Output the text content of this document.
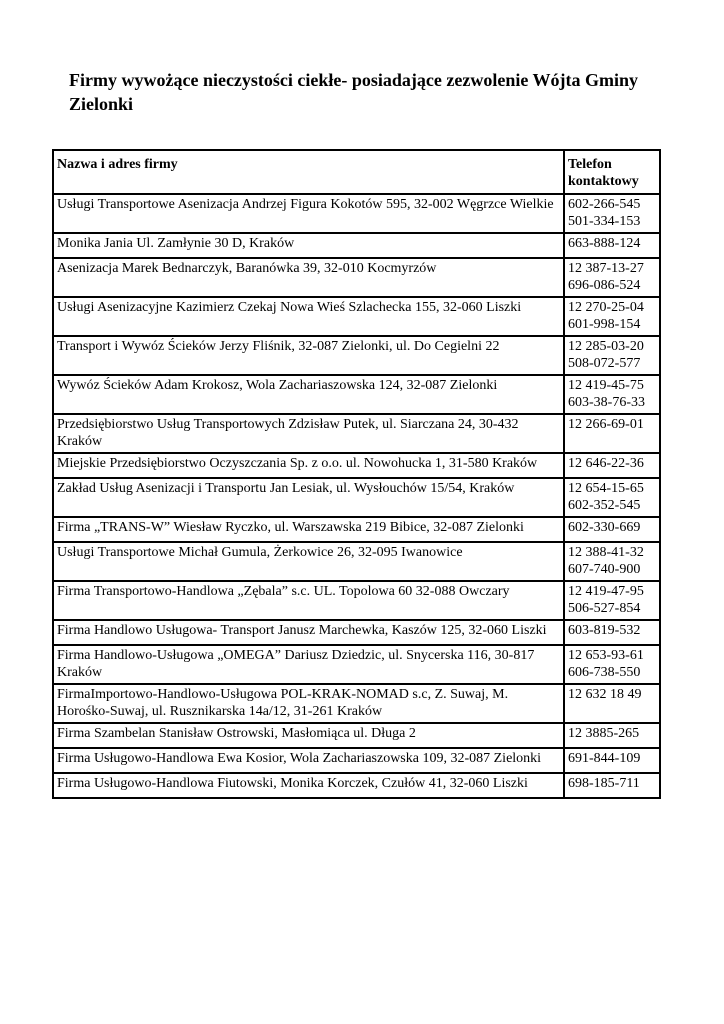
Firmy wywożące nieczystości ciekłe- posiadające zezwolenie Wójta Gminy Zielonki
Nazwa i adres firmy	Telefon kontaktowy
Usługi Transportowe Asenizacja Andrzej Figura Kokotów 595, 32-002 Węgrzce Wielkie	602-266-545
501-334-153

Monika Jania Ul. Zamłynie 30 D, Kraków	663-888-124

Asenizacja Marek Bednarczyk, Baranówka 39, 32-010 Kocmyrzów	12 387-13-27
696-086-524

Usługi Asenizacyjne Kazimierz Czekaj Nowa Wieś Szlachecka 155, 32-060 Liszki	12 270-25-04
601-998-154

Transport i Wywóz Ścieków Jerzy Fliśnik, 32-087 Zielonki, ul. Do Cegielni 22	12 285-03-20
508-072-577

Wywóz Ścieków Adam Krokosz, Wola Zachariaszowska 124, 32-087 Zielonki	12 419-45-75
603-38-76-33

Przedsiębiorstwo Usług Transportowych Zdzisław Putek, ul. Siarczana 24, 30-432 Kraków	12 266-69-01

Miejskie Przedsiębiorstwo Oczyszczania Sp. z o.o. ul. Nowohucka 1, 31-580 Kraków	12 646-22-36

Zakład Usług Asenizacji i Transportu Jan Lesiak, ul. Wysłouchów 15/54, Kraków	12 654-15-65
602-352-545

Firma „TRANS-W” Wiesław Ryczko, ul. Warszawska 219 Bibice, 32-087 Zielonki	602-330-669

Usługi Transportowe Michał Gumula, Żerkowice 26, 32-095 Iwanowice	12 388-41-32
607-740-900

Firma Transportowo-Handlowa „Zębala” s.c. UL. Topolowa 60 32-088 Owczary	12 419-47-95
506-527-854

Firma Handlowo Usługowa- Transport Janusz Marchewka, Kaszów 125, 32-060 Liszki	603-819-532

Firma Handlowo-Usługowa „OMEGA” Dariusz Dziedzic, ul. Snycerska 116, 30-817 Kraków	12 653-93-61
606-738-550

FirmaImportowo-Handlowo-Usługowa POL-KRAK-NOMAD s.c, Z. Suwaj, M. Horośko-Suwaj, ul. Rusznikarska 14a/12, 31-261 Kraków	12 632 18 49

Firma Szambelan Stanisław Ostrowski, Masłomiąca ul. Długa 2	12 3885-265

Firma Usługowo-Handlowa Ewa Kosior, Wola Zachariaszowska 109, 32-087 Zielonki	691-844-109

Firma Usługowo-Handlowa Fiutowski, Monika Korczek, Czułów 41, 32-060 Liszki	698-185-711
